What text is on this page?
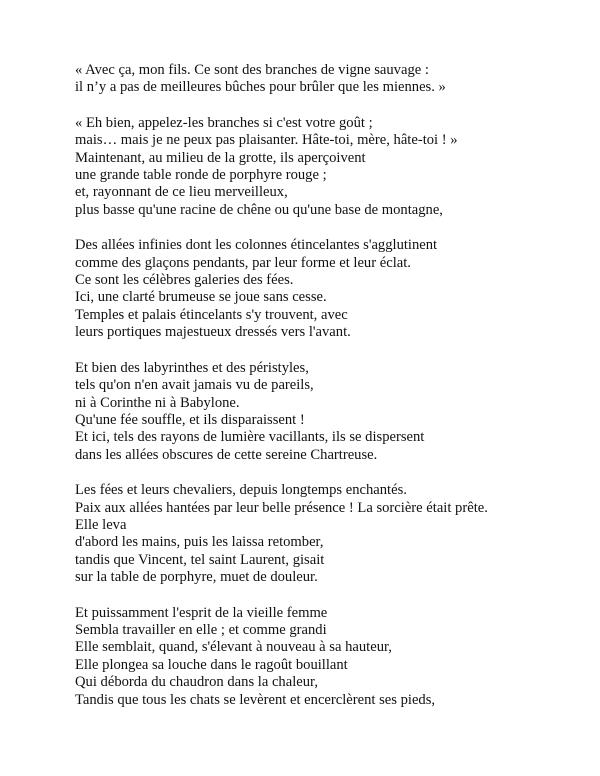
« Avec ça, mon fils. Ce sont des branches de vigne sauvage :
il n’y a pas de meilleures bûches pour brûler que les miennes. »
« Eh bien, appelez-les branches si c'est votre goût ;
mais… mais je ne peux pas plaisanter. Hâte-toi, mère, hâte-toi ! »
Maintenant, au milieu de la grotte, ils aperçoivent
une grande table ronde de porphyre rouge ;
et, rayonnant de ce lieu merveilleux,
plus basse qu'une racine de chêne ou qu'une base de montagne,
Des allées infinies dont les colonnes étincelantes s'agglutinent
comme des glaçons pendants, par leur forme et leur éclat.
Ce sont les célèbres galeries des fées.
Ici, une clarté brumeuse se joue sans cesse.
Temples et palais étincelants s'y trouvent, avec
leurs portiques majestueux dressés vers l'avant.
Et bien des labyrinthes et des péristyles,
tels qu'on n'en avait jamais vu de pareils,
ni à Corinthe ni à Babylone.
Qu'une fée souffle, et ils disparaissent !
Et ici, tels des rayons de lumière vacillants, ils se dispersent
dans les allées obscures de cette sereine Chartreuse.
Les fées et leurs chevaliers, depuis longtemps enchantés.
Paix aux allées hantées par leur belle présence ! La sorcière était prête.
Elle leva
d'abord les mains, puis les laissa retomber,
tandis que Vincent, tel saint Laurent, gisait
sur la table de porphyre, muet de douleur.
Et puissamment l'esprit de la vieille femme
Sembla travailler en elle ; et comme grandi
Elle semblait, quand, s'élevant à nouveau à sa hauteur,
Elle plongea sa louche dans le ragoût bouillant
Qui déborda du chaudron dans la chaleur,
Tandis que tous les chats se levèrent et encerclèrent ses pieds,
